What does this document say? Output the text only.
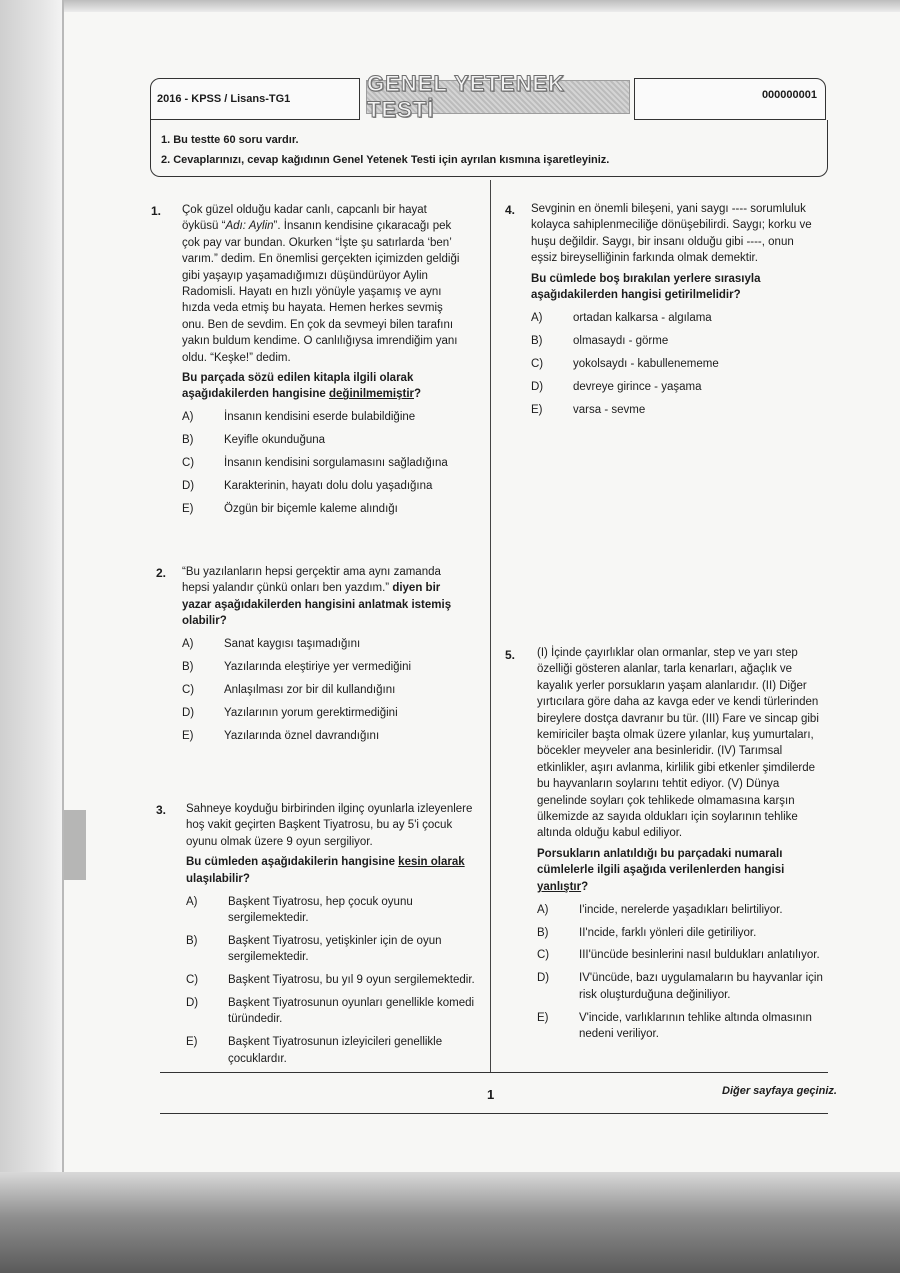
2016 - KPSS / Lisans-TG1
GENEL YETENEK TESTİ
000000001
1. Bu testte 60 soru vardır.
2. Cevaplarınızı, cevap kağıdının Genel Yetenek Testi için ayrılan kısmına işaretleyiniz.
1. Çok güzel olduğu kadar canlı, capcanlı bir hayat öyküsü “Adı: Aylin”. İnsanın kendisine çıkaracağı pek çok pay var bundan. Okurken “İşte şu satırlarda ‘ben’ varım.” dedim. En önemlisi gerçekten içimizden geldiği gibi yaşayıp yaşamadığımızı düşündürüyor Aylin Radomisli. Hayatı en hızlı yönüyle yaşamış ve aynı hızda veda etmiş bu hayata. Hemen herkes sevmiş onu. Ben de sevdim. En çok da sevmeyi bilen tarafını yakın buldum kendime. O canlılığıysa imrendiğim yanı oldu. “Keşke!” dedim.

Bu parçada sözü edilen kitapla ilgili olarak aşağıdakilerden hangisine değinilmemiştir?

A)	İnsanın kendisini eserde bulabildiğine
B)	Keyifle okunduğuna
C)	İnsanın kendisini sorgulamasını sağladığına
D)	Karakterinin, hayatı dolu dolu yaşadığına
E)	Özgün bir biçemle kaleme alındığı
2. “Bu yazılanların hepsi gerçektir ama aynı zamanda hepsi yalandır çünkü onları ben yazdım.” diyen bir yazar aşağıdakilerden hangisini anlatmak istemiş olabilir?

A)	Sanat kaygısı taşımadığını
B)	Yazılarında eleştiriye yer vermediğini
C)	Anlaşılması zor bir dil kullandığını
D)	Yazılarının yorum gerektirmediğini
E)	Yazılarında öznel davrandığını
3. Sahneye koyduğu birbirinden ilginç oyunlarla izleyenlere hoş vakit geçirten Başkent Tiyatrosu, bu ay 5'i çocuk oyunu olmak üzere 9 oyun sergiliyor.

Bu cümleden aşağıdakilerin hangisine kesin olarak ulaşılabilir?

A)	Başkent Tiyatrosu, hep çocuk oyunu sergilemektedir.
B)	Başkent Tiyatrosu, yetişkinler için de oyun sergilemektedir.
C)	Başkent Tiyatrosu, bu yıl 9 oyun sergilemektedir.
D)	Başkent Tiyatrosunun oyunları genellikle komedi türündedir.
E)	Başkent Tiyatrosunun izleyicileri genellikle çocuklardır.
4. Sevginin en önemli bileşeni, yani saygı ---- sorumluluk kolayca sahiplenmeciliğe dönüşebilirdi. Saygı; korku ve huşu değildir. Saygı, bir insanı olduğu gibi ----, onun eşsiz bireyselliğinin farkında olmak demektir.

Bu cümlede boş bırakılan yerlere sırasıyla aşağıdakilerden hangisi getirilmelidir?

A)	ortadan kalkarsa - algılama
B)	olmasaydı - görme
C)	yokolsaydı - kabullenememe
D)	devreye girince - yaşama
E)	varsa - sevme
5. (I) İçinde çayırlıklar olan ormanlar, step ve yarı step özelliği gösteren alanlar, tarla kenarları, ağaçlık ve kayalık yerler porsukların yaşam alanlarıdır. (II) Diğer yırtıcılara göre daha az kavga eder ve kendi türlerinden bireylere dostça davranır bu tür. (III) Fare ve sincap gibi kemiriciler başta olmak üzere yılanlar, kuş yumurtaları, böcekler meyveler ana besinleridir. (IV) Tarımsal etkinlikler, aşırı avlanma, kirlilik gibi etkenler şimdilerde bu hayvanların soylarını tehtit ediyor. (V) Dünya genelinde soyları çok tehlikede olmamasına karşın ülkemizde az sayıda oldukları için soylarının tehlike altında olduğu kabul ediliyor.

Porsukların anlatıldığı bu parçadaki numaralı cümlelerle ilgili aşağıda verilenlerden hangisi yanlıştır?

A)	I'incide, nerelerde yaşadıkları belirtiliyor.
B)	II'ncide, farklı yönleri dile getiriliyor.
C)	III'üncüde besinlerini nasıl buldukları anlatılıyor.
D)	IV'üncüde, bazı uygulamaların bu hayvanlar için risk oluşturduğuna değiniliyor.
E)	V'incide, varlıklarının tehlike altında olmasının nedeni veriliyor.
1	Diğer sayfaya geçiniz.
